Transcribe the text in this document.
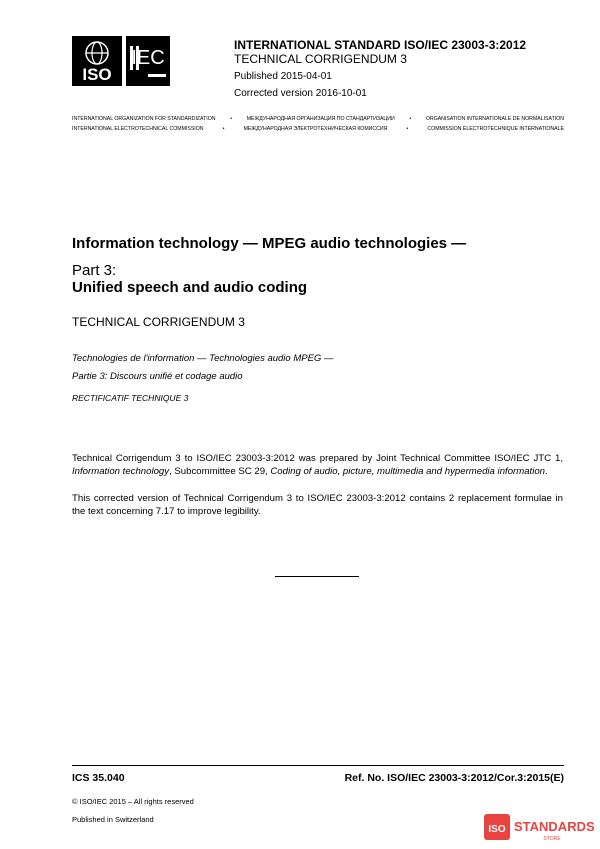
ISO
IEC
INTERNATIONAL STANDARD ISO/IEC 23003-3:2012
TECHNICAL CORRIGENDUM 3
Published 2015-04-01
Corrected version 2016-10-01
INTERNATIONAL ORGANIZATION FOR STANDARDIZATION	•	МЕЖДУНАРОДНАЯ ОРГАНИЗАЦИЯ ПО СТАНДАРТИЗАЦИИ	•	ORGANISATION INTERNATIONALE DE NORMALISATION
INTERNATIONAL ELECTROTECHNICAL COMMISSION	•	МЕЖДУНАРОДНАЯ ЭЛЕКТРОТЕХНИЧЕСКАЯ КОМИССИЯ	•	COMMISSION ÉLECTROTECHNIQUE INTERNATIONALE
Information technology — MPEG audio technologies —
Part 3:
Unified speech and audio coding
TECHNICAL CORRIGENDUM 3
Technologies de l'information — Technologies audio MPEG —
Partie 3: Discours unifié et codage audio
RECTIFICATIF TECHNIQUE 3
Technical Corrigendum 3 to ISO/IEC 23003-3:2012 was prepared by Joint Technical Committee ISO/IEC JTC 1, Information technology, Subcommittee SC 29, Coding of audio, picture, multimedia and hypermedia information.
This corrected version of Technical Corrigendum 3 to ISO/IEC 23003-3:2012 contains 2 replacement formulae in the text concerning 7.17 to improve legibility.
ICS 35.040	Ref. No. ISO/IEC 23003-3:2012/Cor.3:2015(E)
© ISO/IEC 2015 – All rights reserved
Published in Switzerland
ISO STANDARDS
STORE
